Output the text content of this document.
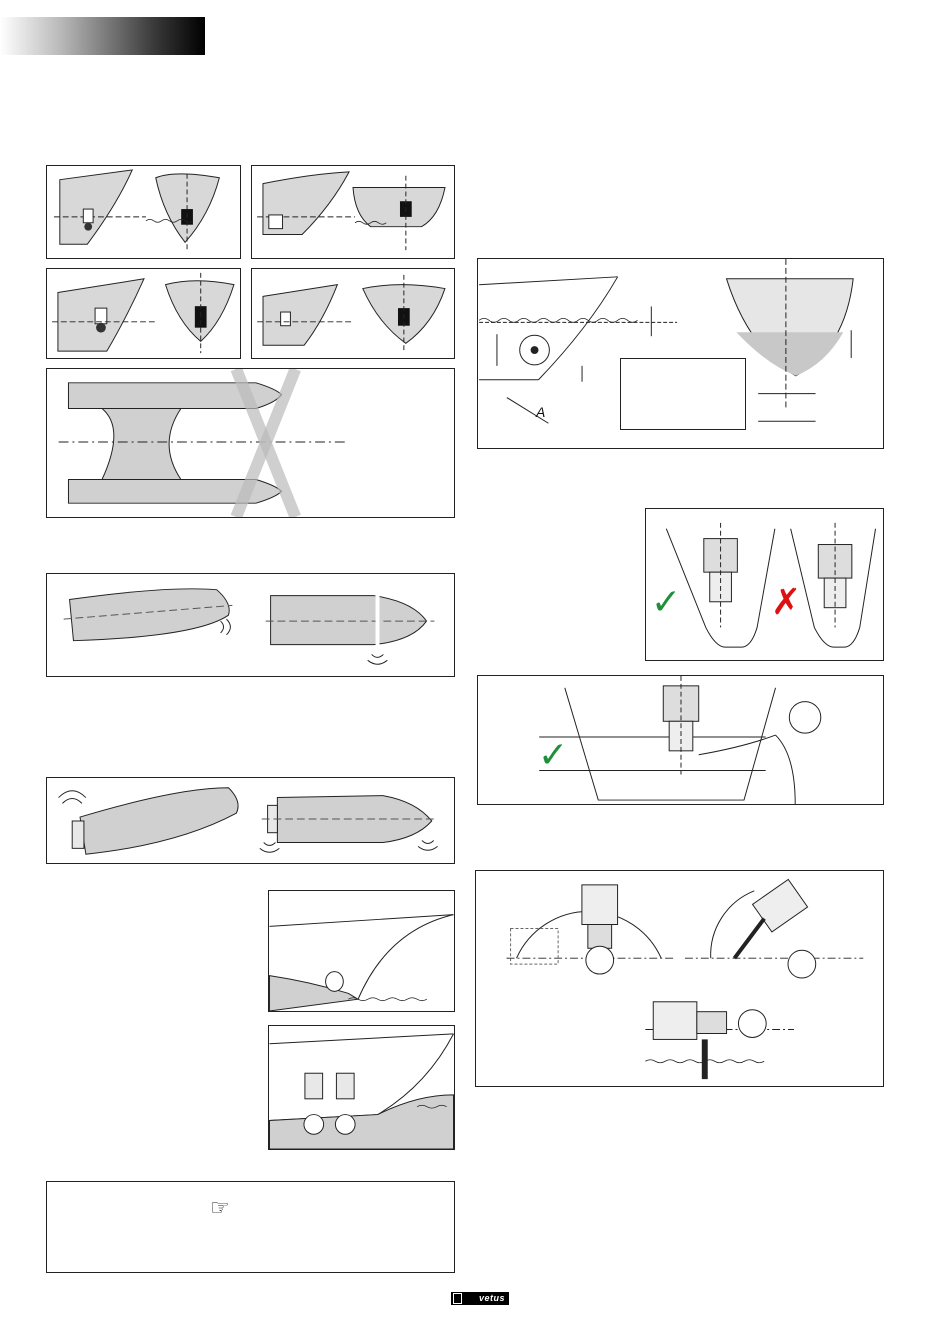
☞
A
✓ ✗
✓
vetus
